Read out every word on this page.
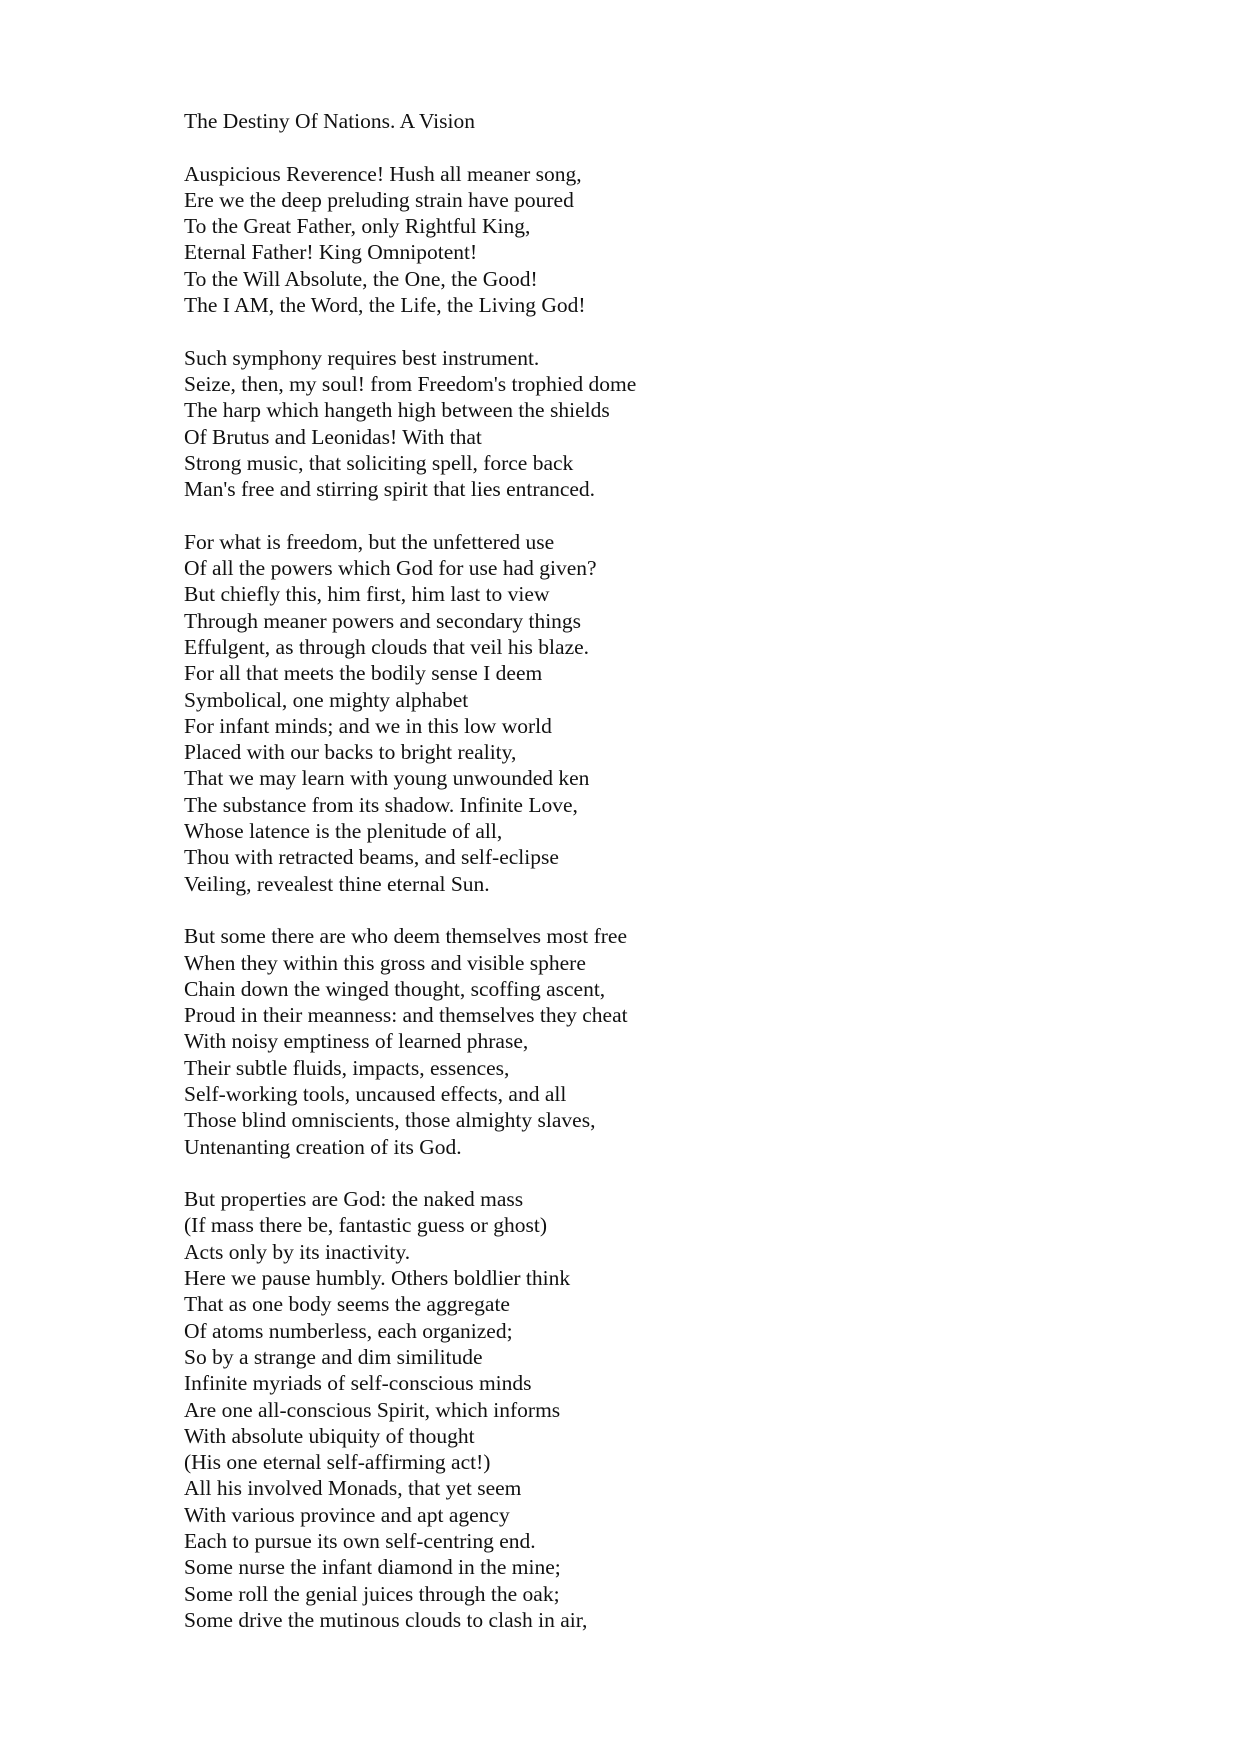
The Destiny Of Nations. A Vision
Auspicious Reverence! Hush all meaner song,
Ere we the deep preluding strain have poured
To the Great Father, only Rightful King,
Eternal Father! King Omnipotent!
To the Will Absolute, the One, the Good!
The I AM, the Word, the Life, the Living God!
Such symphony requires best instrument.
Seize, then, my soul! from Freedom's trophied dome
The harp which hangeth high between the shields
Of Brutus and Leonidas! With that
Strong music, that soliciting spell, force back
Man's free and stirring spirit that lies entranced.
For what is freedom, but the unfettered use
Of all the powers which God for use had given?
But chiefly this, him first, him last to view
Through meaner powers and secondary things
Effulgent, as through clouds that veil his blaze.
For all that meets the bodily sense I deem
Symbolical, one mighty alphabet
For infant minds; and we in this low world
Placed with our backs to bright reality,
That we may learn with young unwounded ken
The substance from its shadow. Infinite Love,
Whose latence is the plenitude of all,
Thou with retracted beams, and self-eclipse
Veiling, revealest thine eternal Sun.
But some there are who deem themselves most free
When they within this gross and visible sphere
Chain down the winged thought, scoffing ascent,
Proud in their meanness: and themselves they cheat
With noisy emptiness of learned phrase,
Their subtle fluids, impacts, essences,
Self-working tools, uncaused effects, and all
Those blind omniscients, those almighty slaves,
Untenanting creation of its God.
But properties are God: the naked mass
(If mass there be, fantastic guess or ghost)
Acts only by its inactivity.
Here we pause humbly. Others boldlier think
That as one body seems the aggregate
Of atoms numberless, each organized;
So by a strange and dim similitude
Infinite myriads of self-conscious minds
Are one all-conscious Spirit, which informs
With absolute ubiquity of thought
(His one eternal self-affirming act!)
All his involved Monads, that yet seem
With various province and apt agency
Each to pursue its own self-centring end.
Some nurse the infant diamond in the mine;
Some roll the genial juices through the oak;
Some drive the mutinous clouds to clash in air,
